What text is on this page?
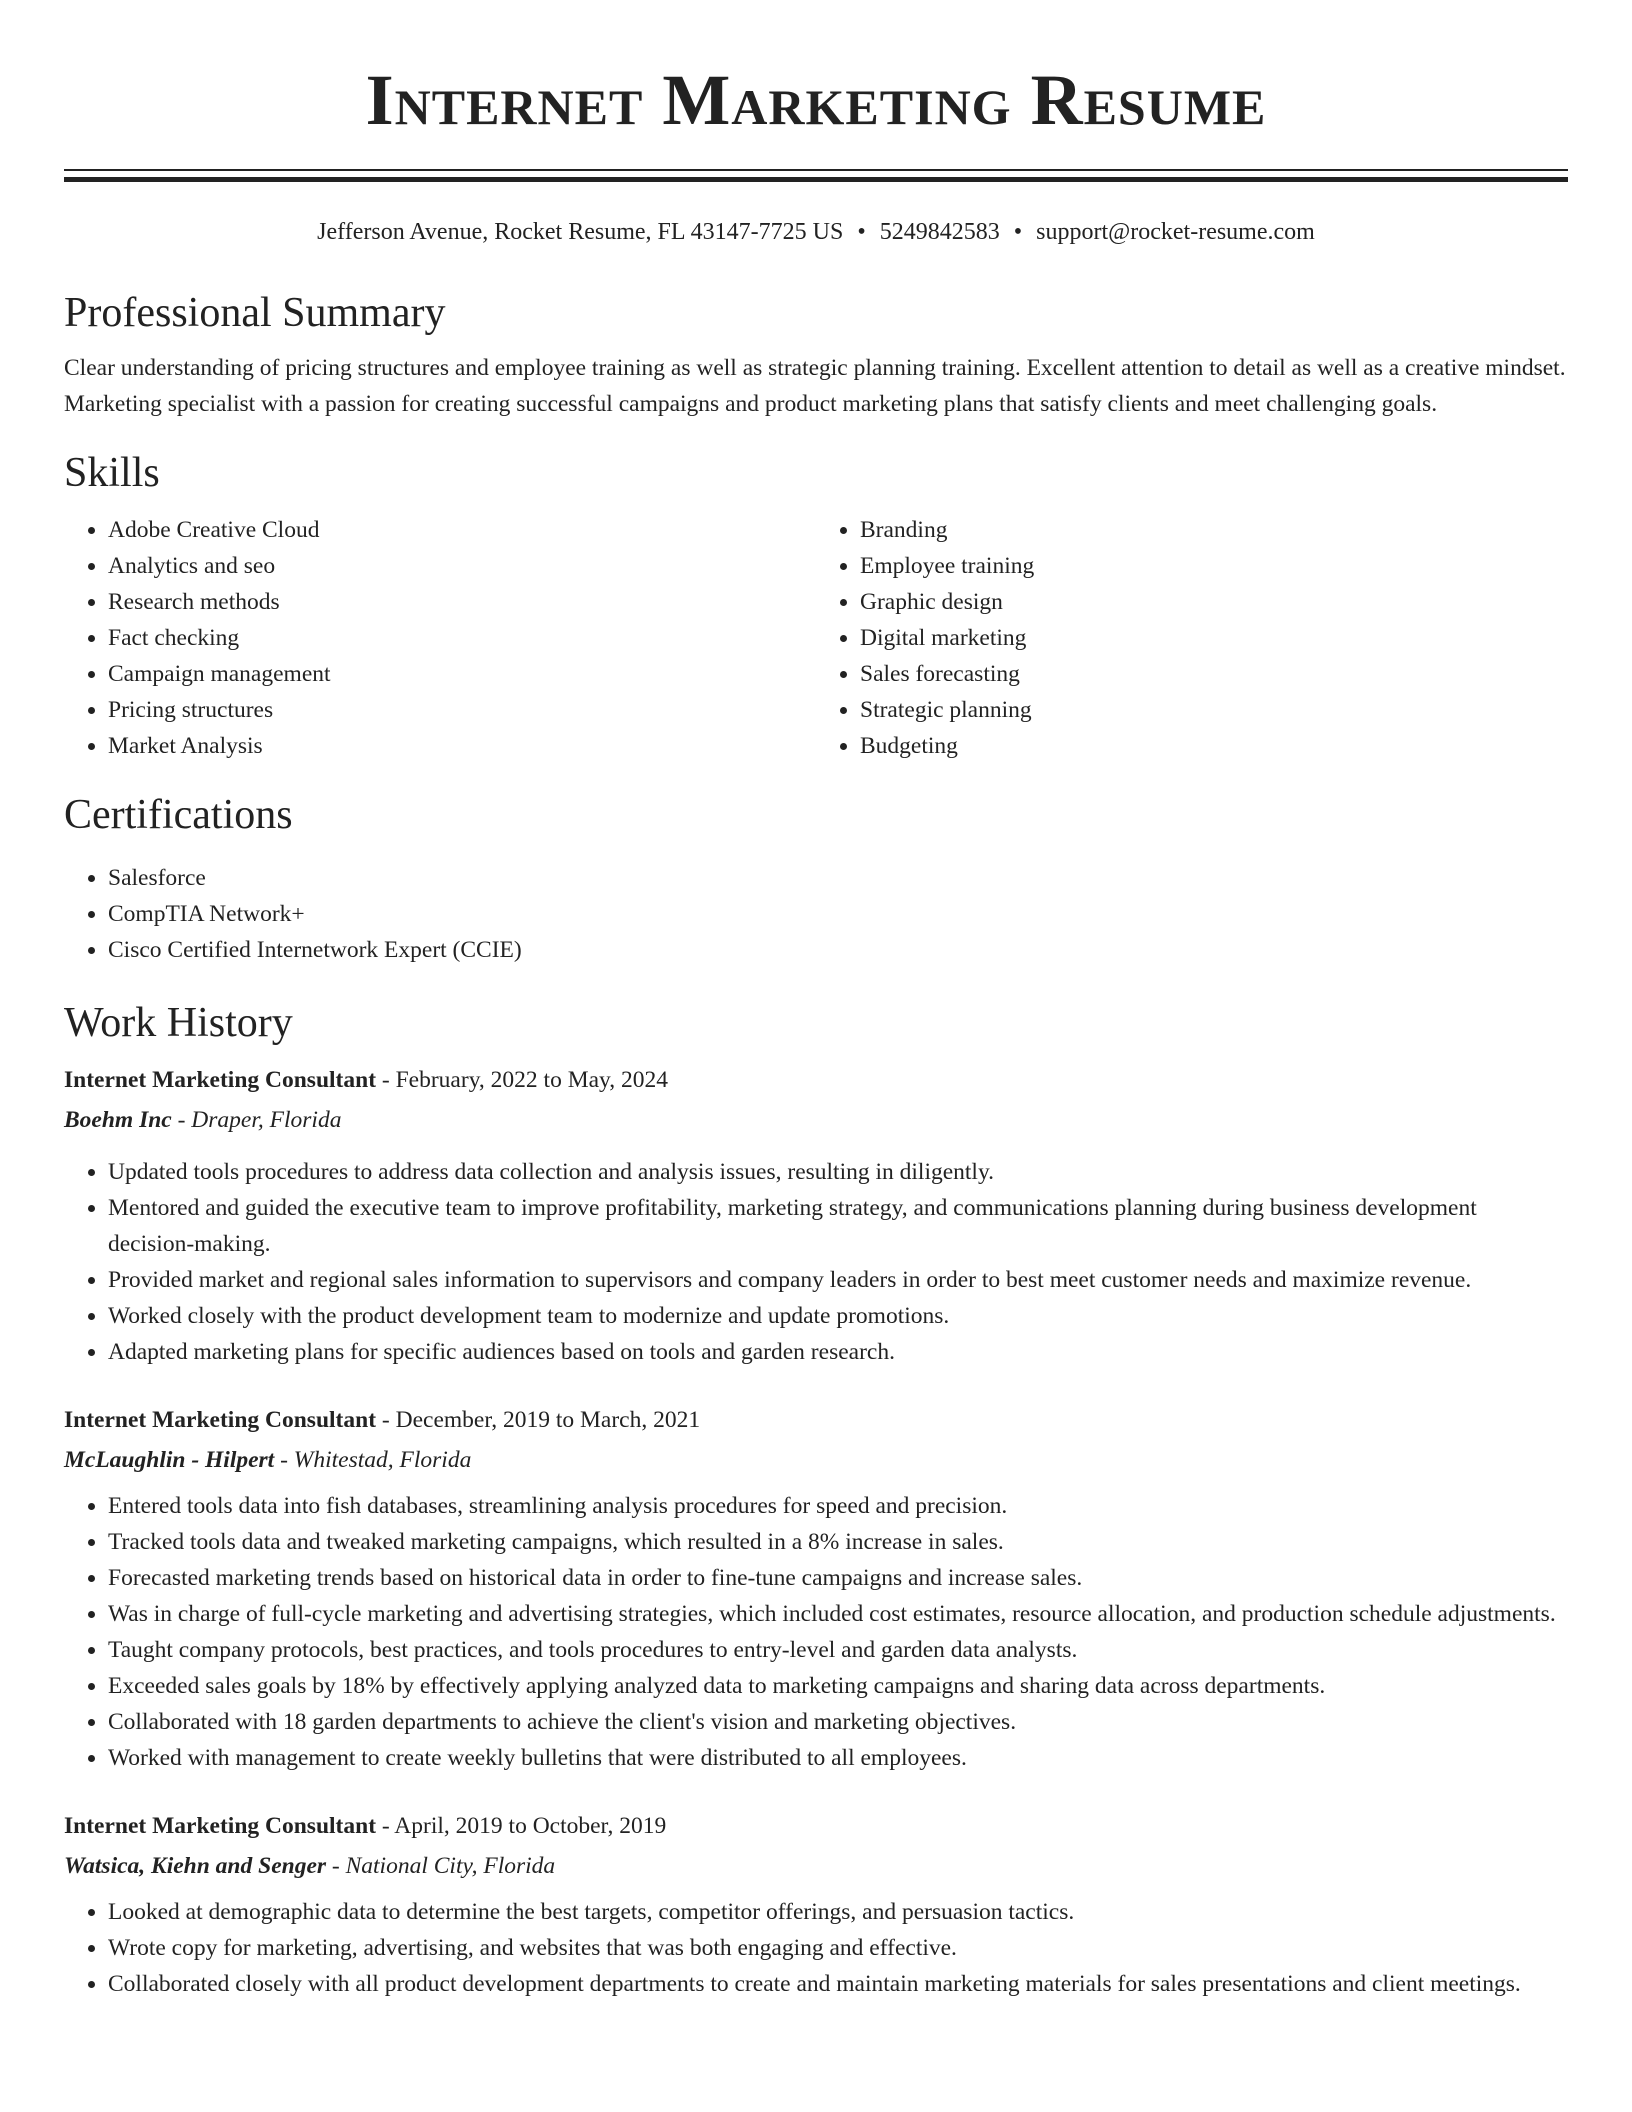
Internet Marketing Resume
Jefferson Avenue, Rocket Resume, FL 43147-7725 US • 5249842583 • support@rocket-resume.com
Professional Summary
Clear understanding of pricing structures and employee training as well as strategic planning training. Excellent attention to detail as well as a creative mindset. Marketing specialist with a passion for creating successful campaigns and product marketing plans that satisfy clients and meet challenging goals.
Skills
• Adobe Creative Cloud
• Analytics and seo
• Research methods
• Fact checking
• Campaign management
• Pricing structures
• Market Analysis
• Branding
• Employee training
• Graphic design
• Digital marketing
• Sales forecasting
• Strategic planning
• Budgeting
Certifications
• Salesforce
• CompTIA Network+
• Cisco Certified Internetwork Expert (CCIE)
Work History
Internet Marketing Consultant - February, 2022 to May, 2024
Boehm Inc - Draper, Florida
• Updated tools procedures to address data collection and analysis issues, resulting in diligently.
• Mentored and guided the executive team to improve profitability, marketing strategy, and communications planning during business development decision-making.
• Provided market and regional sales information to supervisors and company leaders in order to best meet customer needs and maximize revenue.
• Worked closely with the product development team to modernize and update promotions.
• Adapted marketing plans for specific audiences based on tools and garden research.
Internet Marketing Consultant - December, 2019 to March, 2021
McLaughlin - Hilpert - Whitestad, Florida
• Entered tools data into fish databases, streamlining analysis procedures for speed and precision.
• Tracked tools data and tweaked marketing campaigns, which resulted in a 8% increase in sales.
• Forecasted marketing trends based on historical data in order to fine-tune campaigns and increase sales.
• Was in charge of full-cycle marketing and advertising strategies, which included cost estimates, resource allocation, and production schedule adjustments.
• Taught company protocols, best practices, and tools procedures to entry-level and garden data analysts.
• Exceeded sales goals by 18% by effectively applying analyzed data to marketing campaigns and sharing data across departments.
• Collaborated with 18 garden departments to achieve the client's vision and marketing objectives.
• Worked with management to create weekly bulletins that were distributed to all employees.
Internet Marketing Consultant - April, 2019 to October, 2019
Watsica, Kiehn and Senger - National City, Florida
• Looked at demographic data to determine the best targets, competitor offerings, and persuasion tactics.
• Wrote copy for marketing, advertising, and websites that was both engaging and effective.
• Collaborated closely with all product development departments to create and maintain marketing materials for sales presentations and client meetings.
